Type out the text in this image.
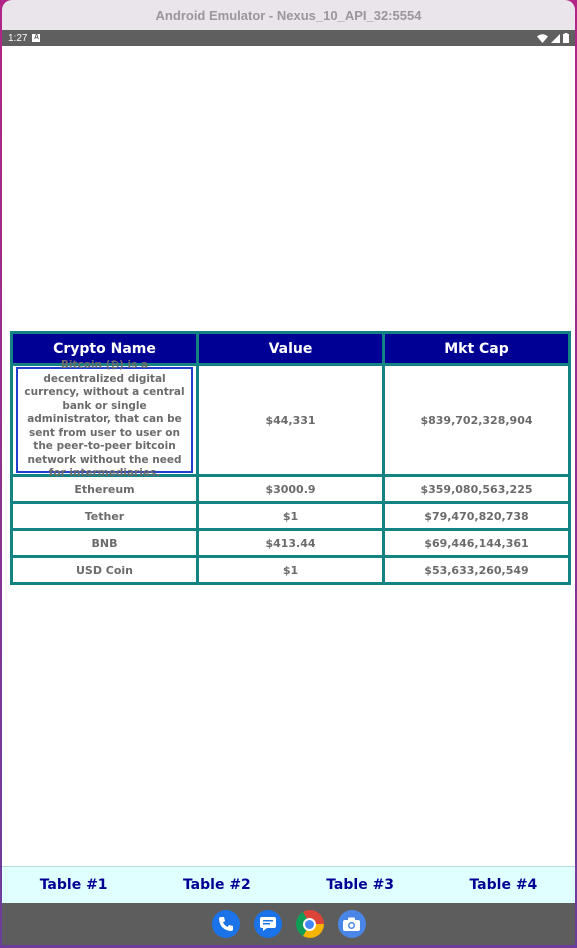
Android Emulator - Nexus_10_API_32:5554
1:27 A
Crypto Name	Value	Mkt Cap

Bitcoin (₿) is a decentralized digital currency, without a central bank or single administrator, that can be sent from user to user on the peer-to-peer bitcoin network without the need for intermediaries.	$44,331	$839,702,328,904
Ethereum	$3000.9	$359,080,563,225
Tether	$1	$79,470,820,738
BNB	$413.44	$69,446,144,361
USD Coin	$1	$53,633,260,549
Table #1	Table #2	Table #3	Table #4
